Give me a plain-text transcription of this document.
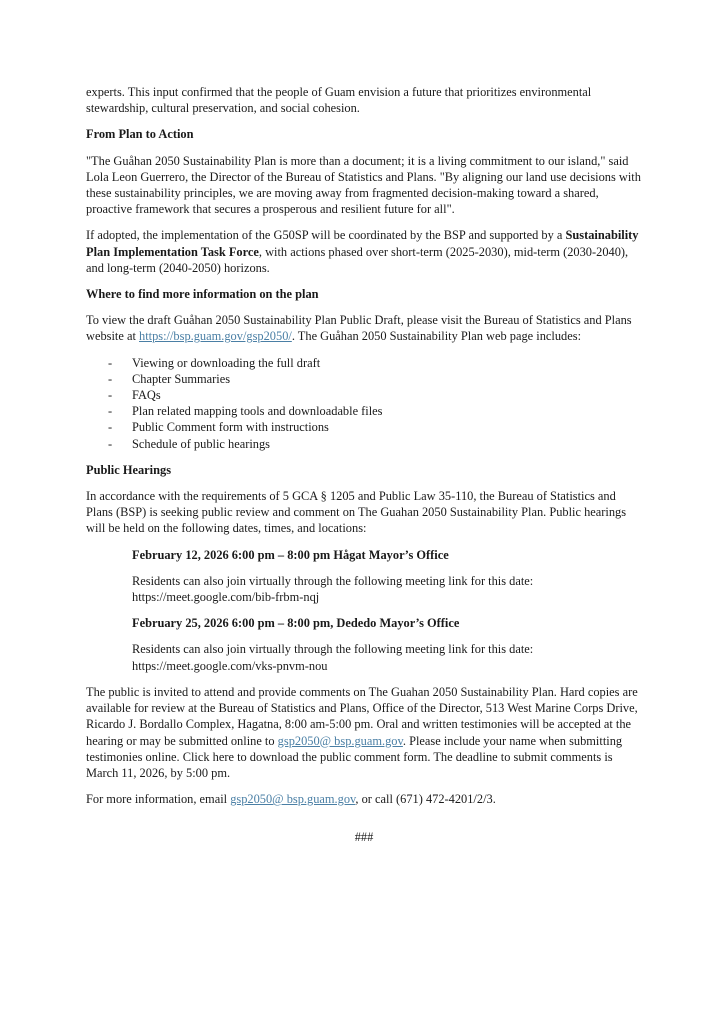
experts. This input confirmed that the people of Guam envision a future that prioritizes environmental stewardship, cultural preservation, and social cohesion.

From Plan to Action

"The Guåhan 2050 Sustainability Plan is more than a document; it is a living commitment to our island," said Lola Leon Guerrero, the Director of the Bureau of Statistics and Plans. "By aligning our land use decisions with these sustainability principles, we are moving away from fragmented decision-making toward a shared, proactive framework that secures a prosperous and resilient future for all".

If adopted, the implementation of the G50SP will be coordinated by the BSP and supported by a Sustainability Plan Implementation Task Force, with actions phased over short-term (2025-2030), mid-term (2030-2040), and long-term (2040-2050) horizons.

Where to find more information on the plan

To view the draft Guåhan 2050 Sustainability Plan Public Draft, please visit the Bureau of Statistics and Plans website at https://bsp.guam.gov/gsp2050/. The Guåhan 2050 Sustainability Plan web page includes:

- Viewing or downloading the full draft
- Chapter Summaries
- FAQs
- Plan related mapping tools and downloadable files
- Public Comment form with instructions
- Schedule of public hearings
Public Hearings

In accordance with the requirements of 5 GCA § 1205 and Public Law 35-110, the Bureau of Statistics and Plans (BSP) is seeking public review and comment on The Guahan 2050 Sustainability Plan. Public hearings will be held on the following dates, times, and locations:

February 12, 2026 6:00 pm – 8:00 pm Hågat Mayor’s Office

Residents can also join virtually through the following meeting link for this date:
https://meet.google.com/bib-frbm-nqj

February 25, 2026 6:00 pm – 8:00 pm, Dededo Mayor’s Office

Residents can also join virtually through the following meeting link for this date:
https://meet.google.com/vks-pnvm-nou

The public is invited to attend and provide comments on The Guahan 2050 Sustainability Plan. Hard copies are available for review at the Bureau of Statistics and Plans, Office of the Director, 513 West Marine Corps Drive, Ricardo J. Bordallo Complex, Hagatna, 8:00 am-5:00 pm. Oral and written testimonies will be accepted at the hearing or may be submitted online to gsp2050@ bsp.guam.gov. Please include your name when submitting testimonies online. Click here to download the public comment form. The deadline to submit comments is March 11, 2026, by 5:00 pm.

For more information, email gsp2050@ bsp.guam.gov, or call (671) 472-4201/2/3.

###
